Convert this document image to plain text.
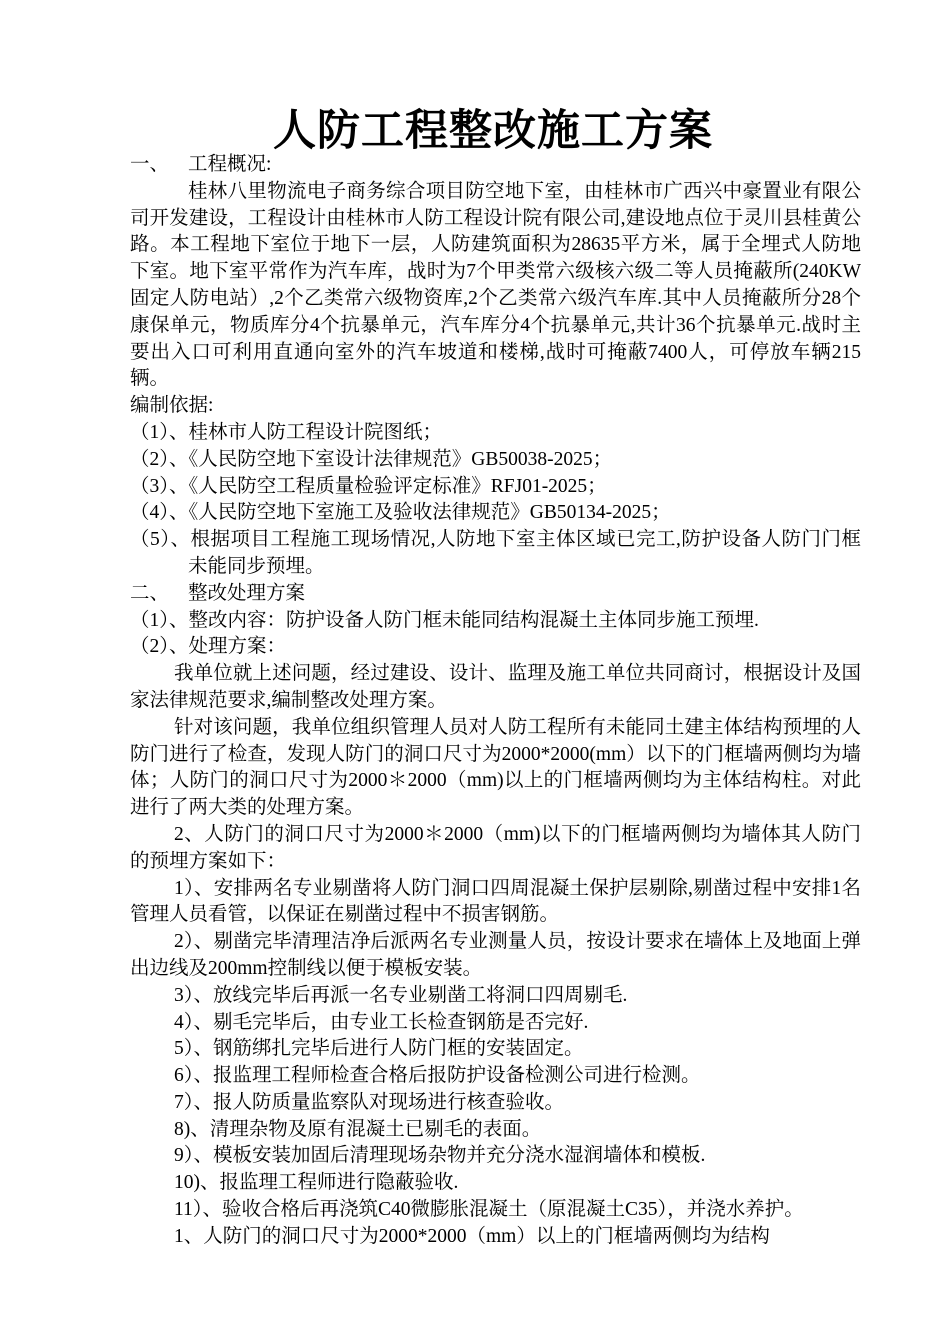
人防工程整改施工方案
一、 工程概况:

桂林八里物流电子商务综合项目防空地下室，由桂林市广西兴中豪置业有限公司开发建设，工程设计由桂林市人防工程设计院有限公司,建设地点位于灵川县桂黄公路。本工程地下室位于地下一层，人防建筑面积为28635平方米，属于全埋式人防地下室。地下室平常作为汽车库，战时为7个甲类常六级核六级二等人员掩蔽所(240KW固定人防电站）,2个乙类常六级物资库,2个乙类常六级汽车库.其中人员掩蔽所分28个康保单元，物质库分4个抗暴单元，汽车库分4个抗暴单元,共计36个抗暴单元.战时主要出入口可利用直通向室外的汽车坡道和楼梯,战时可掩蔽7400人，可停放车辆215辆。

编制依据:

（1）、桂林市人防工程设计院图纸；

（2）、《人民防空地下室设计法律规范》GB50038-2025；

（3）、《人民防空工程质量检验评定标准》RFJ01-2025；

（4）、《人民防空地下室施工及验收法律规范》GB50134-2025；

（5）、根据项目工程施工现场情况,人防地下室主体区域已完工,防护设备人防门门框未能同步预埋。

二、 整改处理方案

（1）、整改内容：防护设备人防门框未能同结构混凝土主体同步施工预埋.

（2）、处理方案：

我单位就上述问题，经过建设、设计、监理及施工单位共同商讨，根据设计及国家法律规范要求,编制整改处理方案。

针对该问题，我单位组织管理人员对人防工程所有未能同土建主体结构预埋的人防门进行了检查，发现人防门的洞口尺寸为2000*2000(mm）以下的门框墙两侧均为墙体；人防门的洞口尺寸为2000＊2000（mm)以上的门框墙两侧均为主体结构柱。对此进行了两大类的处理方案。

2、人防门的洞口尺寸为2000＊2000（mm)以下的门框墙两侧均为墙体其人防门的预埋方案如下：

1）、安排两名专业剔凿将人防门洞口四周混凝土保护层剔除,剔凿过程中安排1名管理人员看管，以保证在剔凿过程中不损害钢筋。

2）、剔凿完毕清理洁净后派两名专业测量人员，按设计要求在墙体上及地面上弹出边线及200mm控制线以便于模板安装。

3）、放线完毕后再派一名专业剔凿工将洞口四周剔毛.

4）、剔毛完毕后，由专业工长检查钢筋是否完好.

5）、钢筋绑扎完毕后进行人防门框的安装固定。

6）、报监理工程师检查合格后报防护设备检测公司进行检测。

7）、报人防质量监察队对现场进行核查验收。

8)、清理杂物及原有混凝土已剔毛的表面。

9）、模板安装加固后清理现场杂物并充分浇水湿润墙体和模板.

10)、报监理工程师进行隐蔽验收.

11）、验收合格后再浇筑C40微膨胀混凝土（原混凝土C35），并浇水养护。

1、人防门的洞口尺寸为2000*2000（mm）以上的门框墙两侧均为结构
